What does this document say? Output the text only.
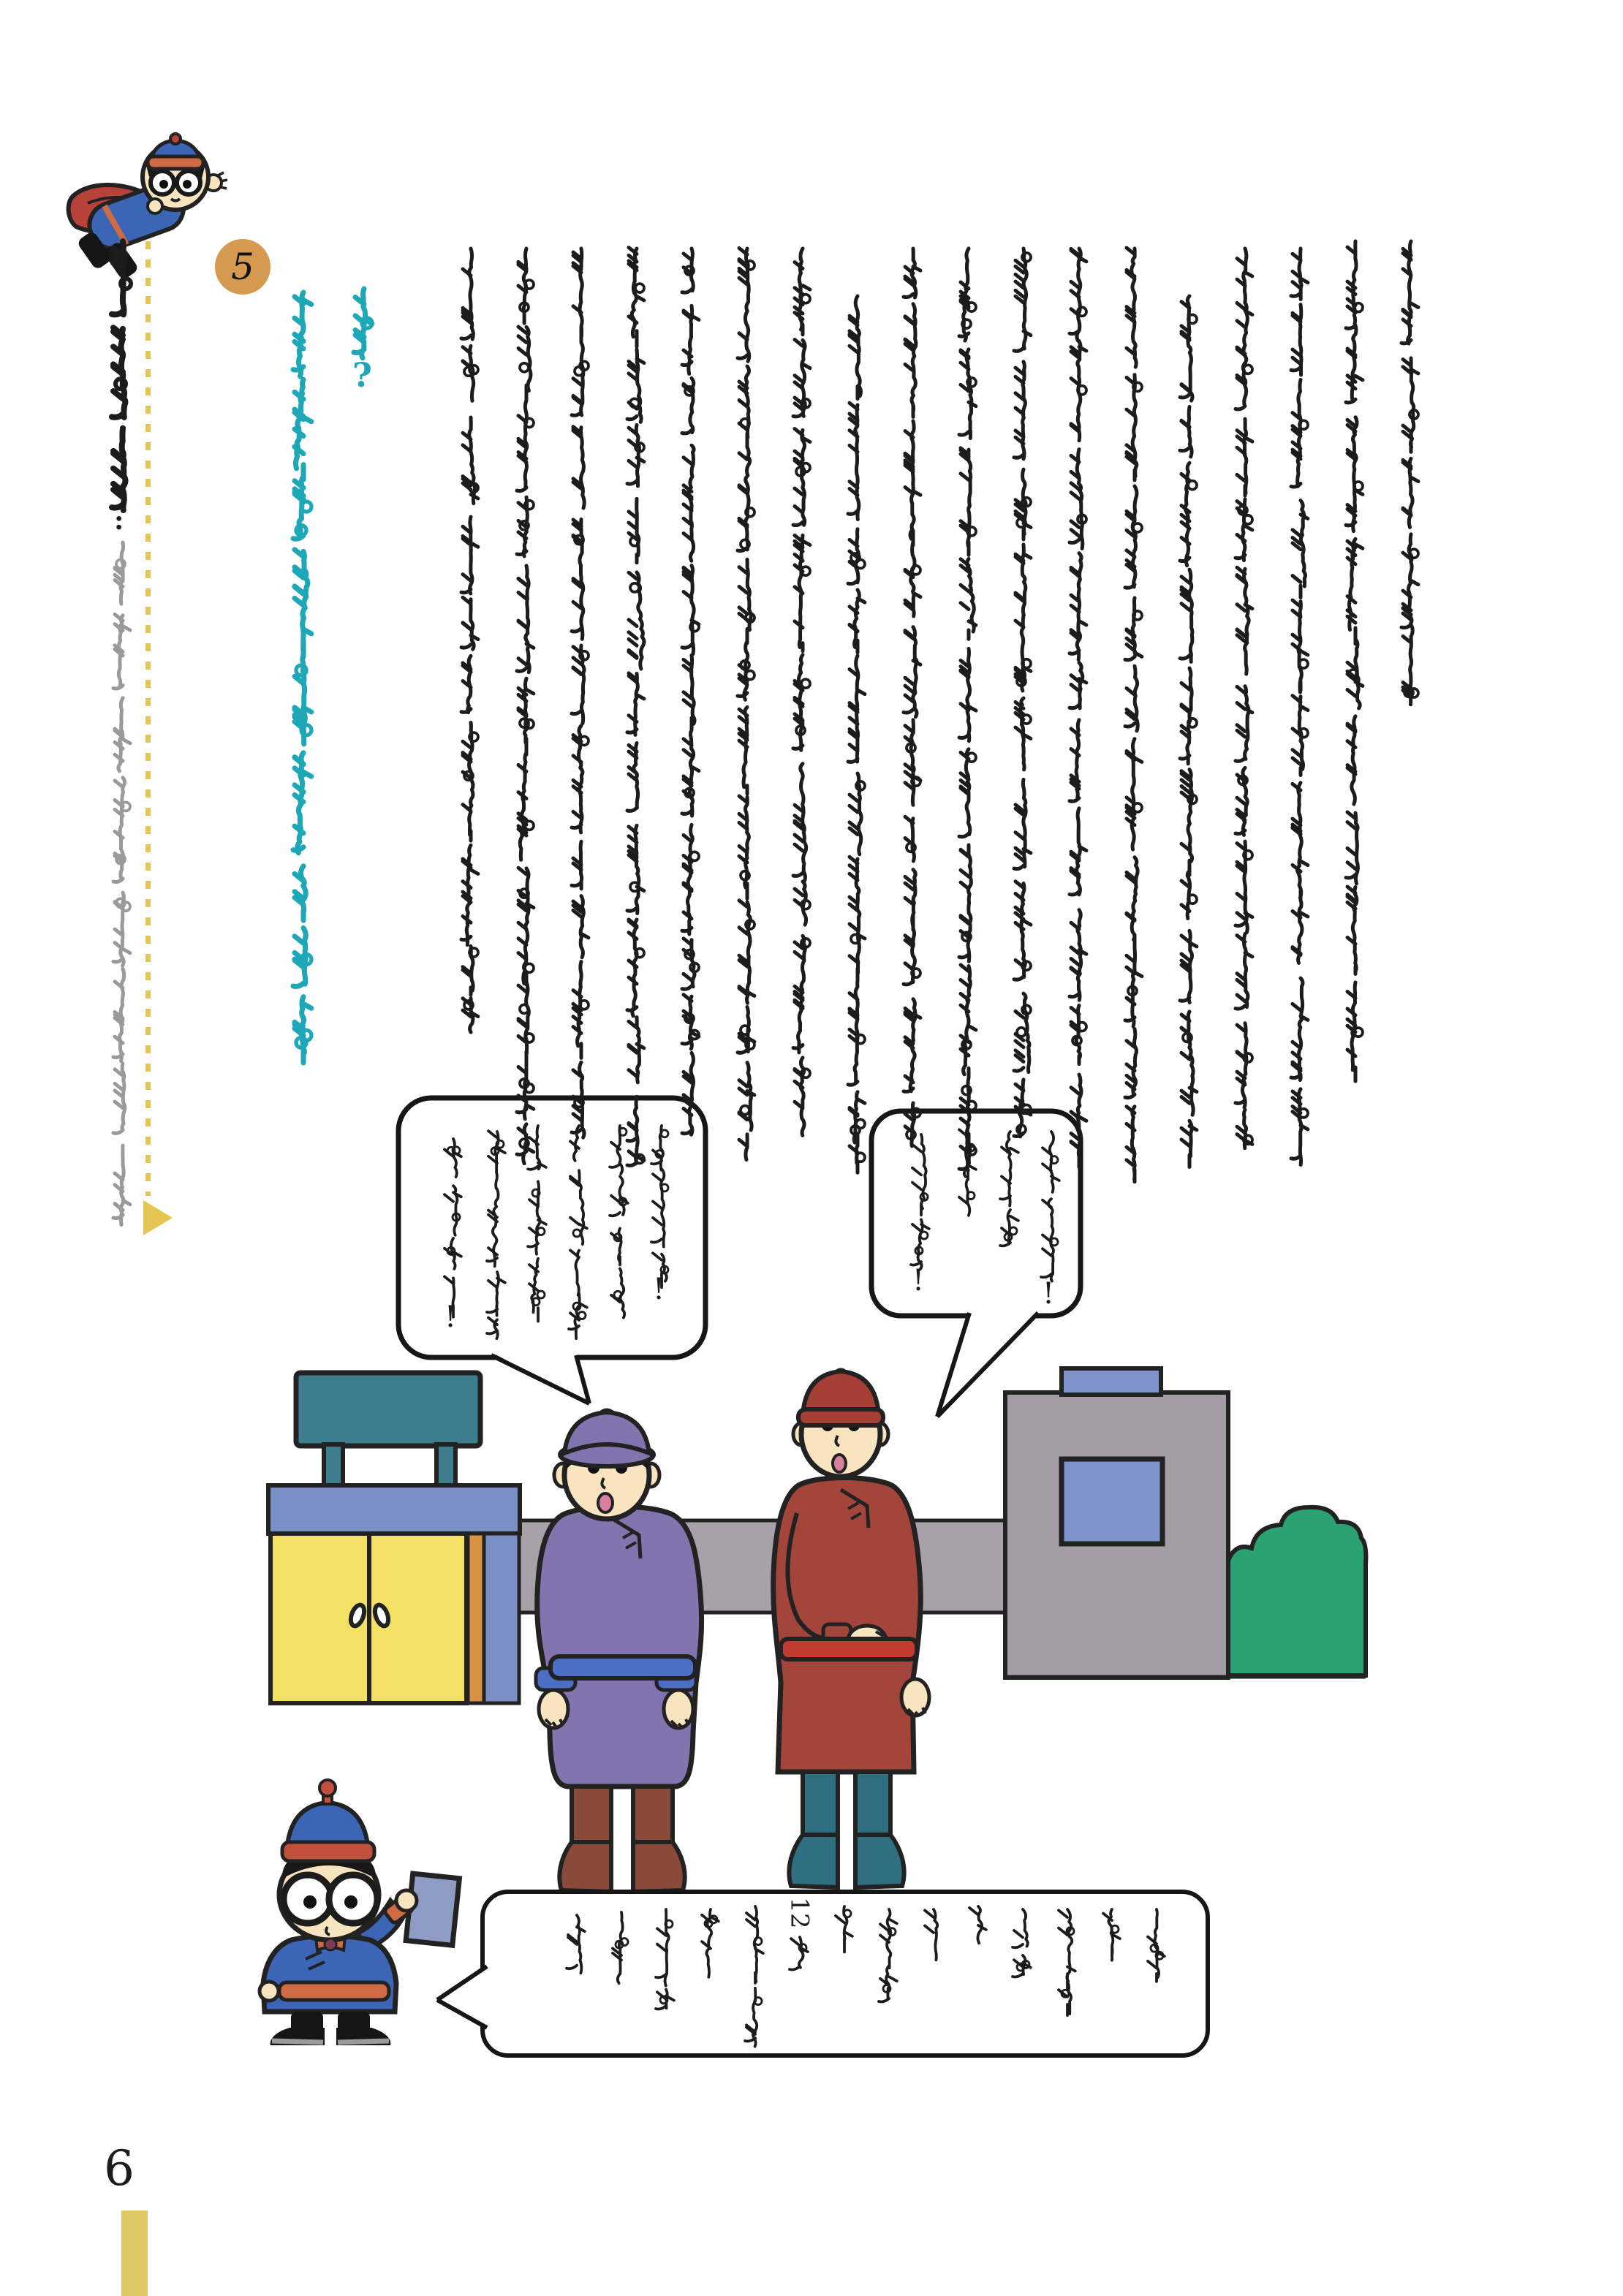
5
?
:
!
!
!
!
12
6
